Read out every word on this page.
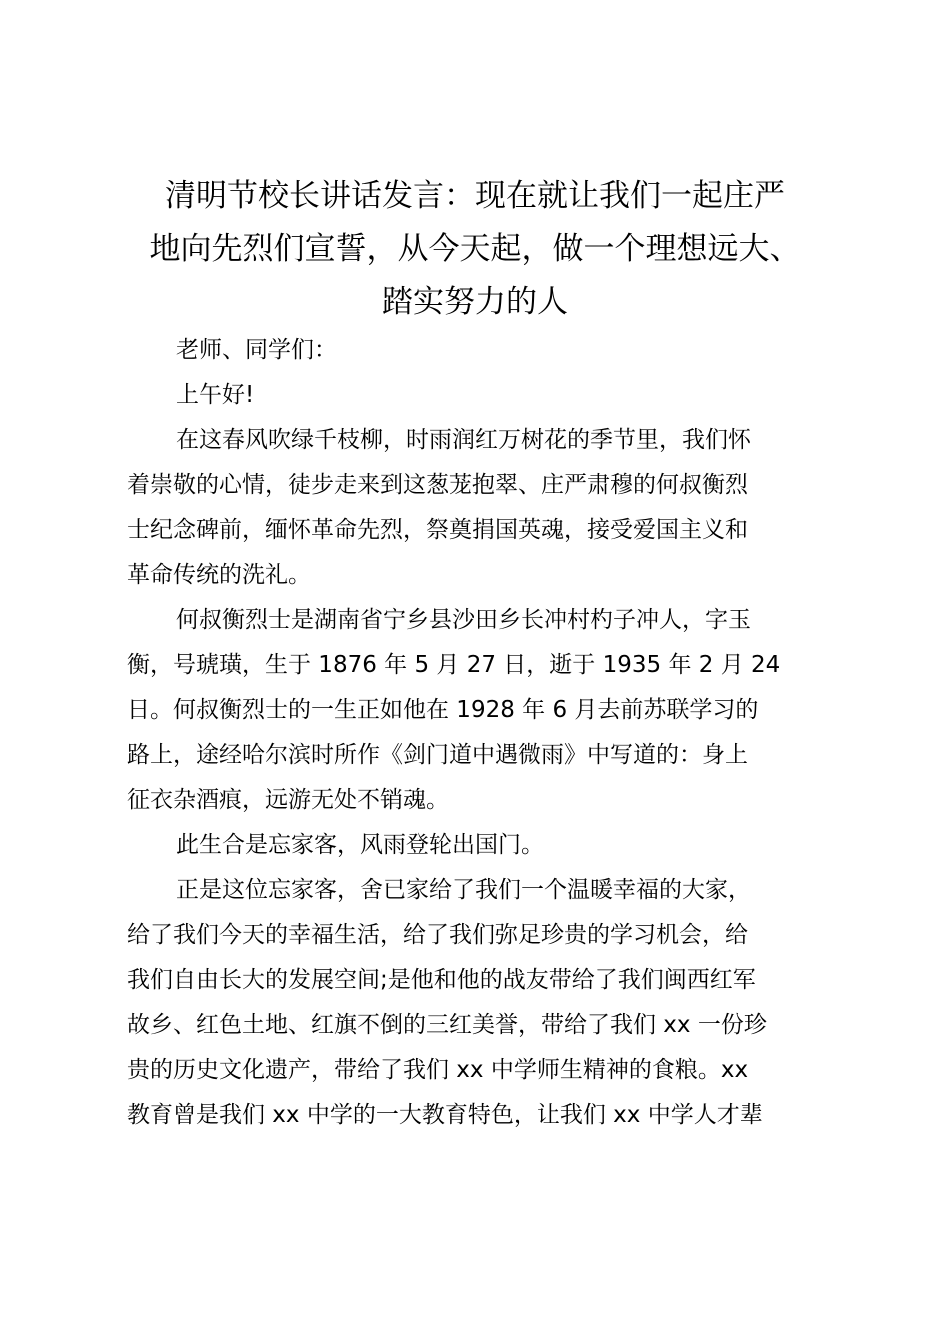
清明节校长讲话发言：现在就让我们一起庄严
地向先烈们宣誓，从今天起，做一个理想远大、
踏实努力的人
老师、同学们：
上午好!
在这春风吹绿千枝柳，时雨润红万树花的季节里，我们怀
着崇敬的心情，徒步走来到这葱茏抱翠、庄严肃穆的何叔衡烈
士纪念碑前，缅怀革命先烈，祭奠捐国英魂，接受爱国主义和
革命传统的洗礼。
何叔衡烈士是湖南省宁乡县沙田乡长冲村杓子冲人，字玉
衡，号琥璜，生于 1876 年 5 月 27 日，逝于 1935 年 2 月 24
日。何叔衡烈士的一生正如他在 1928 年 6 月去前苏联学习的
路上，途经哈尔滨时所作《剑门道中遇微雨》中写道的：身上
征衣杂酒痕，远游无处不销魂。
此生合是忘家客，风雨登轮出国门。
正是这位忘家客，舍已家给了我们一个温暖幸福的大家，
给了我们今天的幸福生活，给了我们弥足珍贵的学习机会，给
我们自由长大的发展空间;是他和他的战友带给了我们闽西红军
故乡、红色土地、红旗不倒的三红美誉，带给了我们 xx 一份珍
贵的历史文化遗产，带给了我们 xx 中学师生精神的食粮。xx
教育曾是我们 xx 中学的一大教育特色，让我们 xx 中学人才辈
